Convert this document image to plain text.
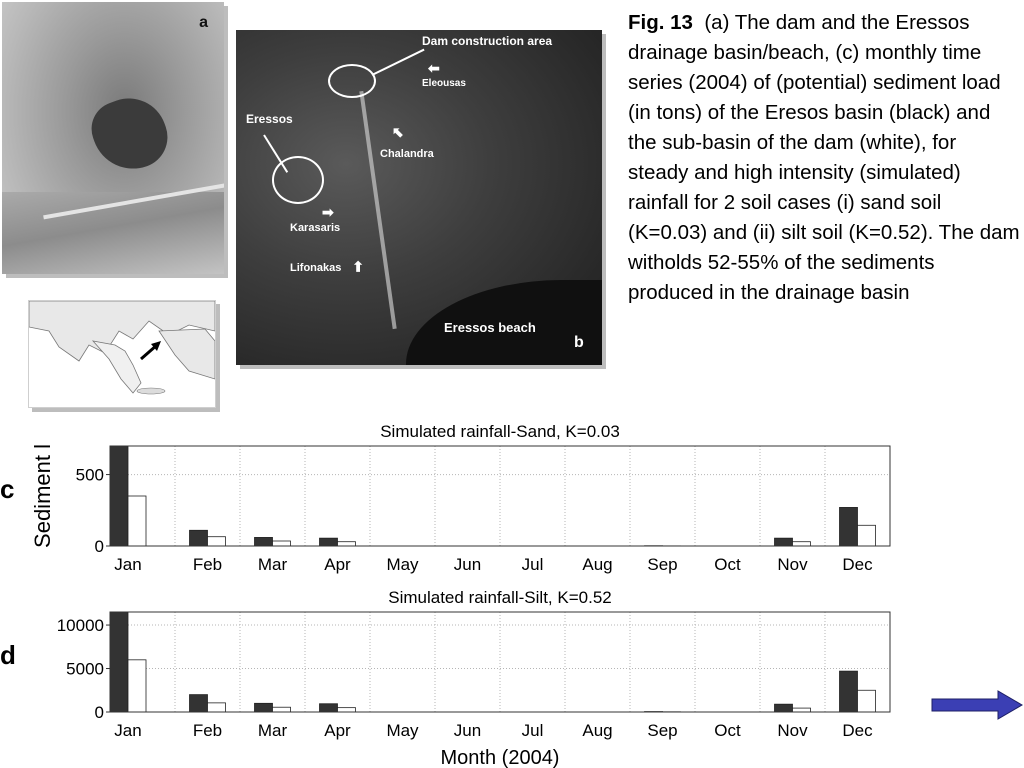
a
Dam construction area
⬅
Eleousas
Eressos
⬅
Chalandra
➡
Karasaris
➡
Lifonakas
Eressos beach
b
Fig. 13 (a) The dam and the Eressos drainage basin/beach, (c) monthly time series (2004) of (potential) sediment load (in tons) of the Eresos basin (black) and the sub-basin of the dam (white), for steady and high intensity (simulated) rainfall for 2 soil cases (i) sand soil (K=0.03) and (ii) silt soil (K=0.52). The dam witholds 52-55% of the sediments produced in the drainage basin
Simulated rainfall-Sand, K=0.03
c
Jan	Feb Mar Apr May Jun Jul Aug Sep Oct Nov Dec
0
500
Sediment l
Simulated rainfall-Silt, K=0.52
d
Jan	Feb Mar Apr May Jun Jul Aug Sep Oct Nov Dec
0
5000
10000
Month (2004)
